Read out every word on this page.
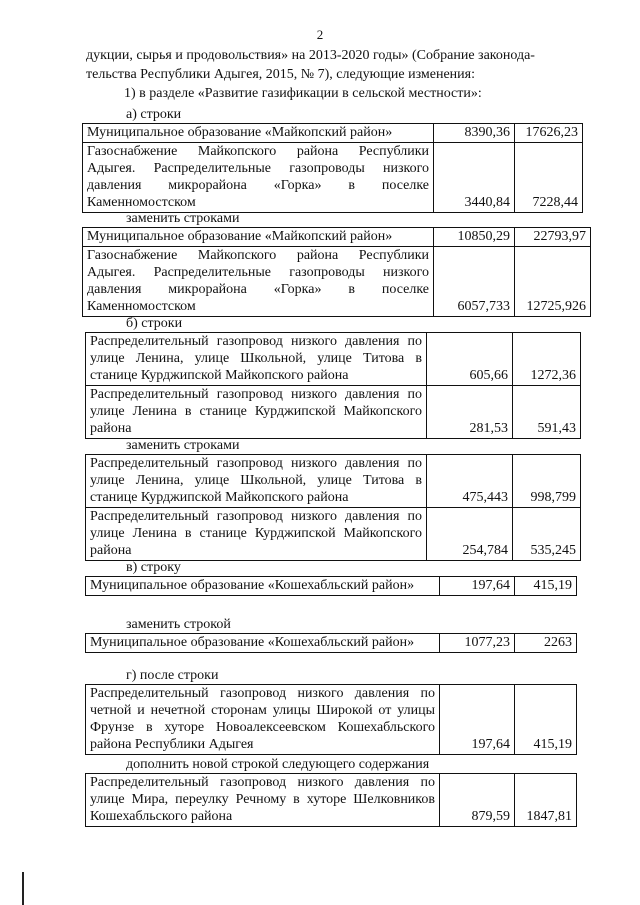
2

дукции, сырья и продовольствия» на 2013-2020 годы» (Собрание законода-

тельства Республики Адыгея, 2015, № 7), следующие изменения:

1) в разделе «Развитие газификации в сельской местности»:

а) строки
Муниципальное образование «Майкопский район»	8390,36	17626,23
Газоснабжение Майкопского района Республики Адыгея. Распределительные газопроводы низкого давления микрорайона «Горка» в поселке Каменномостском	3440,84	7228,44
заменить строками
Муниципальное образование «Майкопский район»	10850,29	22793,97
Газоснабжение Майкопского района Республики Адыгея. Распределительные газопроводы низкого давления микрорайона «Горка» в поселке Каменномостском	6057,733	12725,926
б) строки
Распределительный газопровод низкого давления по улице Ленина, улице Школьной, улице Титова в станице Курджипской Майкопского района	605,66	1272,36
Распределительный газопровод низкого давления по улице Ленина в станице Курджипской Майкопского района	281,53	591,43
заменить строками
Распределительный газопровод низкого давления по улице Ленина, улице Школьной, улице Титова в станице Курджипской Майкопского района	475,443	998,799
Распределительный газопровод низкого давления по улице Ленина в станице Курджипской Майкопского района	254,784	535,245
в) строку
Муниципальное образование «Кошехабльский район»	197,64	415,19
заменить строкой
Муниципальное образование «Кошехабльский район»	1077,23	2263
г) после строки
Распределительный газопровод низкого давления по четной и нечетной сторонам улицы Широкой от улицы Фрунзе в хуторе Новоалексеевском Кошехабльского района Республики Адыгея	197,64	415,19
дополнить новой строкой следующего содержания
Распределительный газопровод низкого давления по улице Мира, переулку Речному в хуторе Шелковников Кошехабльского района	879,59	1847,81
